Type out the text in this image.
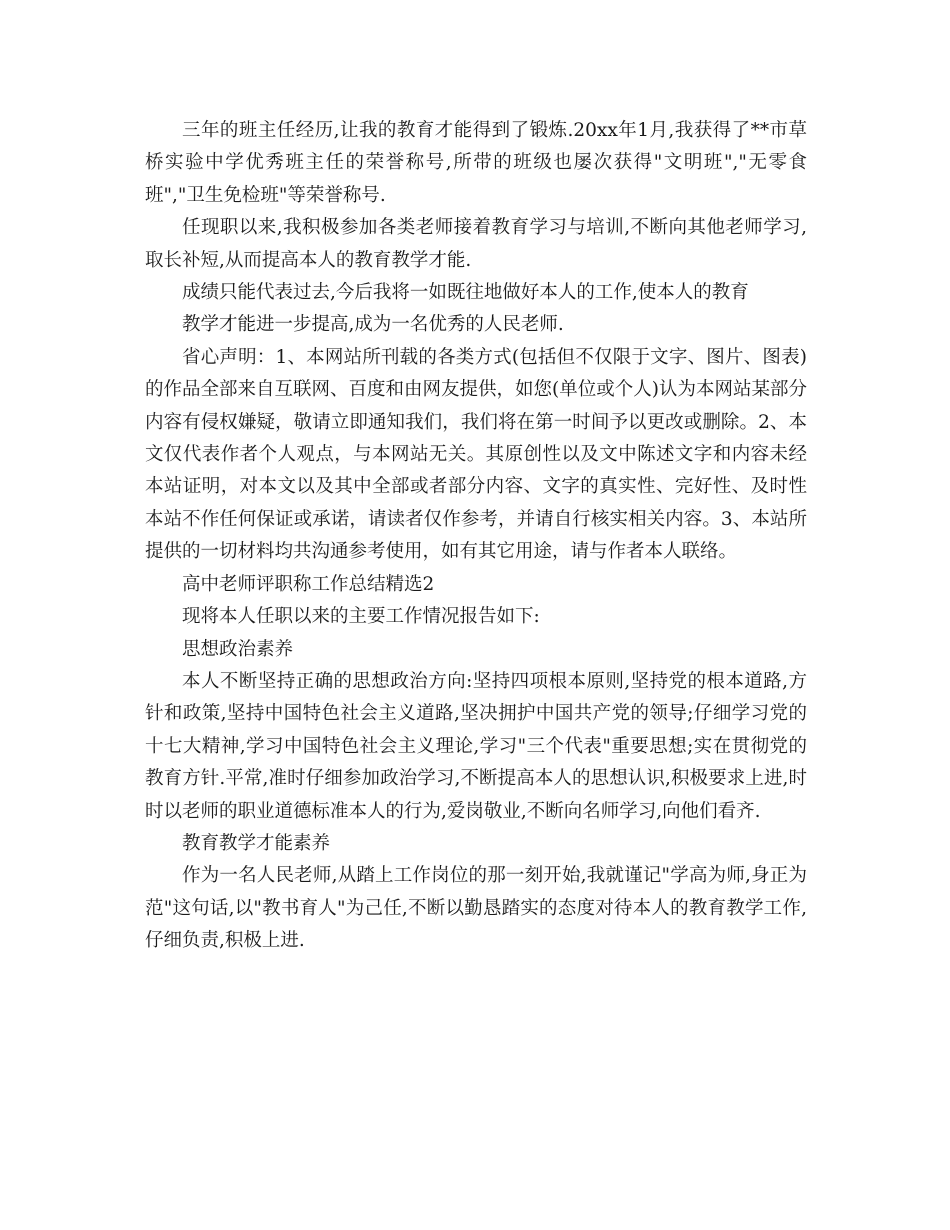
三年的班主任经历,让我的教育才能得到了锻炼.20xx年1月,我获得了**市草桥实验中学优秀班主任的荣誉称号,所带的班级也屡次获得"文明班","无零食班","卫生免检班"等荣誉称号.

任现职以来,我积极参加各类老师接着教育学习与培训,不断向其他老师学习,取长补短,从而提高本人的教育教学才能.

成绩只能代表过去,今后我将一如既往地做好本人的工作,使本人的教育

教学才能进一步提高,成为一名优秀的人民老师.

省心声明：1、本网站所刊载的各类方式(包括但不仅限于文字、图片、图表)的作品全部来自互联网、百度和由网友提供，如您(单位或个人)认为本网站某部分内容有侵权嫌疑，敬请立即通知我们，我们将在第一时间予以更改或删除。2、本文仅代表作者个人观点，与本网站无关。其原创性以及文中陈述文字和内容未经本站证明，对本文以及其中全部或者部分内容、文字的真实性、完好性、及时性本站不作任何保证或承诺，请读者仅作参考，并请自行核实相关内容。3、本站所提供的一切材料均共沟通参考使用，如有其它用途，请与作者本人联络。

高中老师评职称工作总结精选2

现将本人任职以来的主要工作情况报告如下:

思想政治素养

本人不断坚持正确的思想政治方向:坚持四项根本原则,坚持党的根本道路,方针和政策,坚持中国特色社会主义道路,坚决拥护中国共产党的领导;仔细学习党的十七大精神,学习中国特色社会主义理论,学习"三个代表"重要思想;实在贯彻党的教育方针.平常,准时仔细参加政治学习,不断提高本人的思想认识,积极要求上进,时时以老师的职业道德标准本人的行为,爱岗敬业,不断向名师学习,向他们看齐.

教育教学才能素养

作为一名人民老师,从踏上工作岗位的那一刻开始,我就谨记"学高为师,身正为范"这句话,以"教书育人"为己任,不断以勤恳踏实的态度对待本人的教育教学工作,仔细负责,积极上进.
